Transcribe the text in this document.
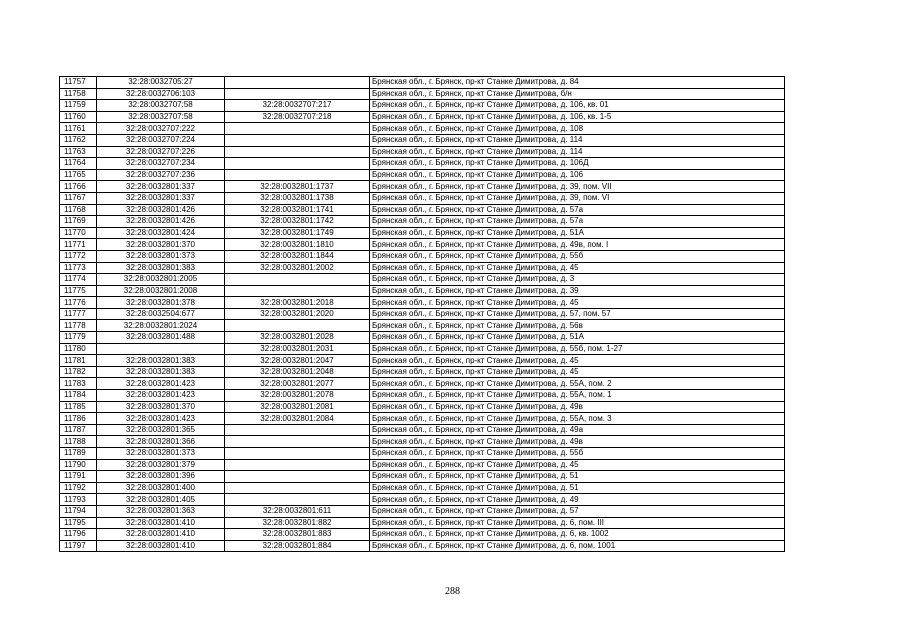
11757	32:28:0032705:27		Брянская обл., г. Брянск, пр-кт Станке Димитрова, д. 84
11758	32:28:0032706:103		Брянская обл., г. Брянск, пр-кт Станке Димитрова, б/н
11759	32:28:0032707:58	32:28:0032707:217	Брянская обл., г. Брянск, пр-кт Станке Димитрова, д. 106, кв. 01
11760	32:28:0032707:58	32:28:0032707:218	Брянская обл., г. Брянск, пр-кт Станке Димитрова, д. 106, кв. 1-5
11761	32:28:0032707:222		Брянская обл., г. Брянск, пр-кт Станке Димитрова, д. 108
11762	32:28:0032707:224		Брянская обл., г. Брянск, пр-кт Станке Димитрова, д. 114
11763	32:28:0032707:226		Брянская обл., г. Брянск, пр-кт Станке Димитрова, д. 114
11764	32:28:0032707:234		Брянская обл., г. Брянск, пр-кт Станке Димитрова, д. 106Д
11765	32:28:0032707:236		Брянская обл., г. Брянск, пр-кт Станке Димитрова, д. 106
11766	32:28:0032801:337	32:28:0032801:1737	Брянская обл., г. Брянск, пр-кт Станке Димитрова, д. 39, пом. VII
11767	32:28:0032801:337	32:28:0032801:1738	Брянская обл., г. Брянск, пр-кт Станке Димитрова, д. 39, пом. VI
11768	32:28:0032801:426	32:28:0032801:1741	Брянская обл., г. Брянск, пр-кт Станке Димитрова, д. 57а
11769	32:28:0032801:426	32:28:0032801:1742	Брянская обл., г. Брянск, пр-кт Станке Димитрова, д. 57а
11770	32:28:0032801:424	32:28:0032801:1749	Брянская обл., г. Брянск, пр-кт Станке Димитрова, д. 51А
11771	32:28:0032801:370	32:28:0032801:1810	Брянская обл., г. Брянск, пр-кт Станке Димитрова, д. 49в, пом. I
11772	32:28:0032801:373	32:28:0032801:1844	Брянская обл., г. Брянск, пр-кт Станке Димитрова, д. 55б
11773	32:28:0032801:383	32:28:0032801:2002	Брянская обл., г. Брянск, пр-кт Станке Димитрова, д. 45
11774	32:28:0032801:2005		Брянская обл., г. Брянск, пр-кт Станке Димитрова, д. 3
11775	32:28:0032801:2008		Брянская обл., г. Брянск, пр-кт Станке Димитрова, д. 39
11776	32:28:0032801:378	32:28:0032801:2018	Брянская обл., г. Брянск, пр-кт Станке Димитрова, д. 45
11777	32:28:0032504:677	32:28:0032801:2020	Брянская обл., г. Брянск, пр-кт Станке Димитрова, д. 57, пом. 57
11778	32:28:0032801:2024		Брянская обл., г. Брянск, пр-кт Станке Димитрова, д. 56в
11779	32:28:0032801:488	32:28:0032801:2028	Брянская обл., г. Брянск, пр-кт Станке Димитрова, д. 51А
11780		32:28:0032801:2031	Брянская обл., г. Брянск, пр-кт Станке Димитрова, д. 55б, пом. 1-27
11781	32:28:0032801:383	32:28:0032801:2047	Брянская обл., г. Брянск, пр-кт Станке Димитрова, д. 45
11782	32:28:0032801:383	32:28:0032801:2048	Брянская обл., г. Брянск, пр-кт Станке Димитрова, д. 45
11783	32:28:0032801:423	32:28:0032801:2077	Брянская обл., г. Брянск, пр-кт Станке Димитрова, д. 55А, пом. 2
11784	32:28:0032801:423	32:28:0032801:2078	Брянская обл., г. Брянск, пр-кт Станке Димитрова, д. 55А, пом. 1
11785	32:28:0032801:370	32:28:0032801:2081	Брянская обл., г. Брянск, пр-кт Станке Димитрова, д. 49в
11786	32:28:0032801:423	32:28:0032801:2084	Брянская обл., г. Брянск, пр-кт Станке Димитрова, д. 55А, пом. 3
11787	32:28:0032801:365		Брянская обл., г. Брянск, пр-кт Станке Димитрова, д. 49а
11788	32:28:0032801:366		Брянская обл., г. Брянск, пр-кт Станке Димитрова, д. 49в
11789	32:28:0032801:373		Брянская обл., г. Брянск, пр-кт Станке Димитрова, д. 55б
11790	32:28:0032801:379		Брянская обл., г. Брянск, пр-кт Станке Димитрова, д. 45
11791	32:28:0032801:396		Брянская обл., г. Брянск, пр-кт Станке Димитрова, д. 51
11792	32:28:0032801:400		Брянская обл., г. Брянск, пр-кт Станке Димитрова, д. 51
11793	32:28:0032801:405		Брянская обл., г. Брянск, пр-кт Станке Димитрова, д. 49
11794	32:28:0032801:363	32:28:0032801:611	Брянская обл., г. Брянск, пр-кт Станке Димитрова, д. 57
11795	32:28:0032801:410	32:28:0032801:882	Брянская обл., г. Брянск, пр-кт Станке Димитрова, д. 6, пом. III
11796	32:28:0032801:410	32:28:0032801:883	Брянская обл., г. Брянск, пр-кт Станке Димитрова, д. 6, кв. 1002
11797	32:28:0032801:410	32:28:0032801:884	Брянская обл., г. Брянск, пр-кт Станке Димитрова, д. 6, пом. 1001
288
